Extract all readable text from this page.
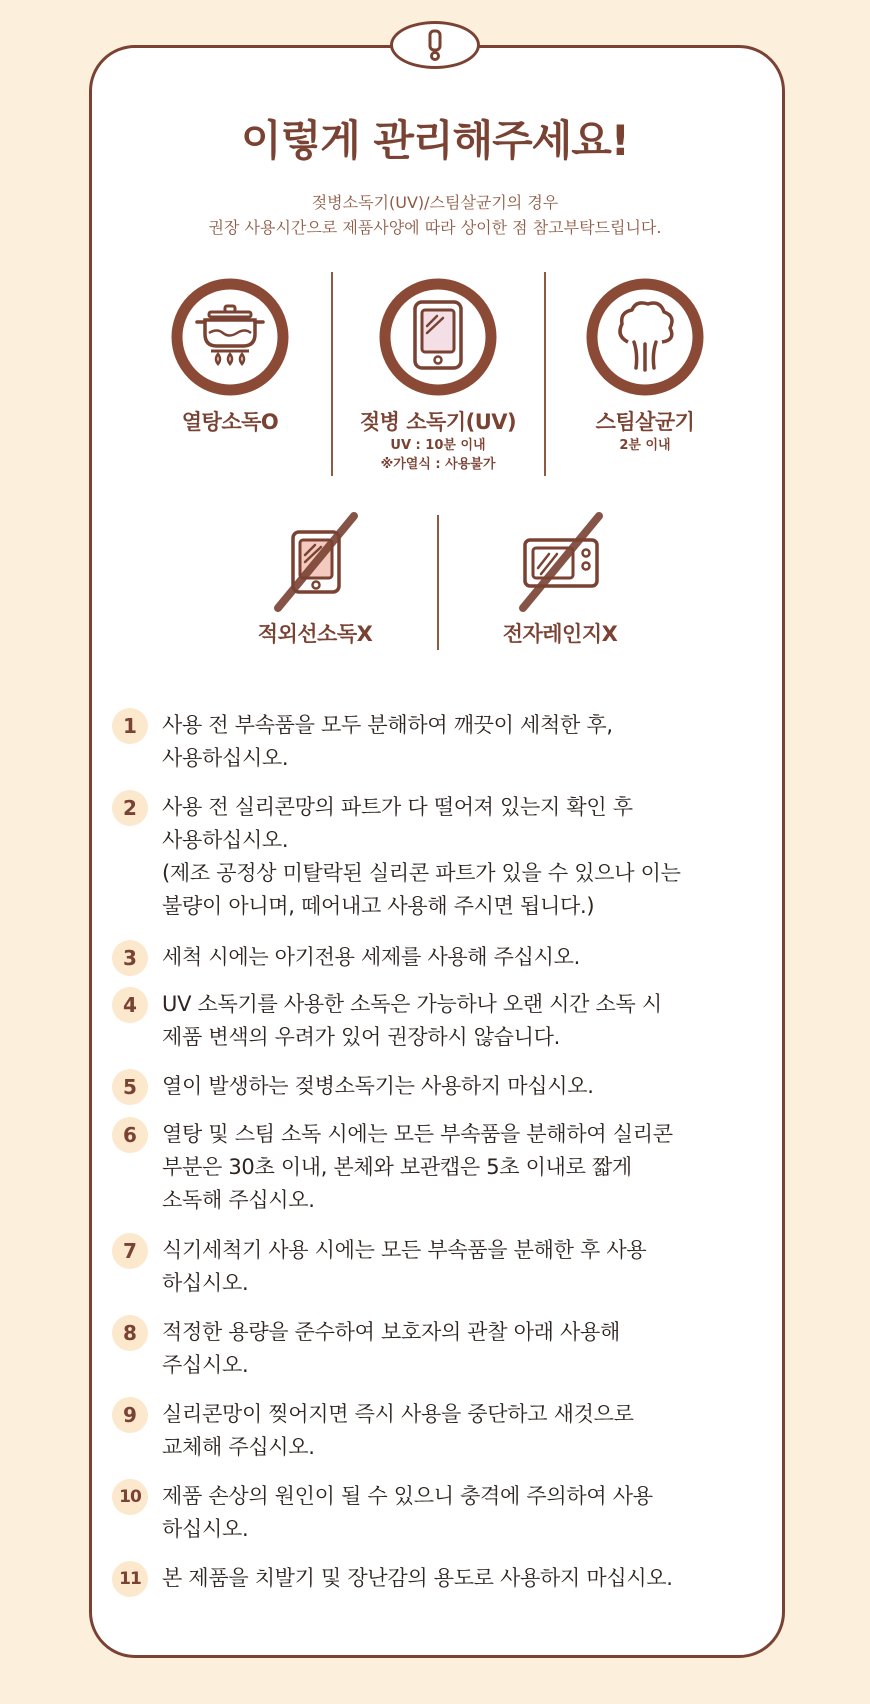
이렇게 관리해주세요!
젖병소독기(UV)/스팀살균기의 경우
권장 사용시간으로 제품사양에 따라 상이한 점 참고부탁드립니다.
열탕소독O	젖병 소독기(UV)
UV : 10분 이내
※가열식 : 사용불가
스팀살균기
2분 이내
적외선소독X	전자레인지X
1	사용 전 부속품을 모두 분해하여 깨끗이 세척한 후,
사용하십시오.
2	사용 전 실리콘망의 파트가 다 떨어져 있는지 확인 후
사용하십시오.
(제조 공정상 미탈락된 실리콘 파트가 있을 수 있으나 이는
불량이 아니며, 떼어내고 사용해 주시면 됩니다.)
3	세척 시에는 아기전용 세제를 사용해 주십시오.
4	UV 소독기를 사용한 소독은 가능하나 오랜 시간 소독 시
제품 변색의 우려가 있어 권장하시 않습니다.
5	열이 발생하는 젖병소독기는 사용하지 마십시오.
6	열탕 및 스팀 소독 시에는 모든 부속품을 분해하여 실리콘
부분은 30초 이내, 본체와 보관캡은 5초 이내로 짧게
소독해 주십시오.
7	식기세척기 사용 시에는 모든 부속품을 분해한 후 사용
하십시오.
8	적정한 용량을 준수하여 보호자의 관찰 아래 사용해
주십시오.
9	실리콘망이 찢어지면 즉시 사용을 중단하고 새것으로
교체해 주십시오.
10	제품 손상의 원인이 될 수 있으니 충격에 주의하여 사용
하십시오.
11	본 제품을 치발기 및 장난감의 용도로 사용하지 마십시오.
